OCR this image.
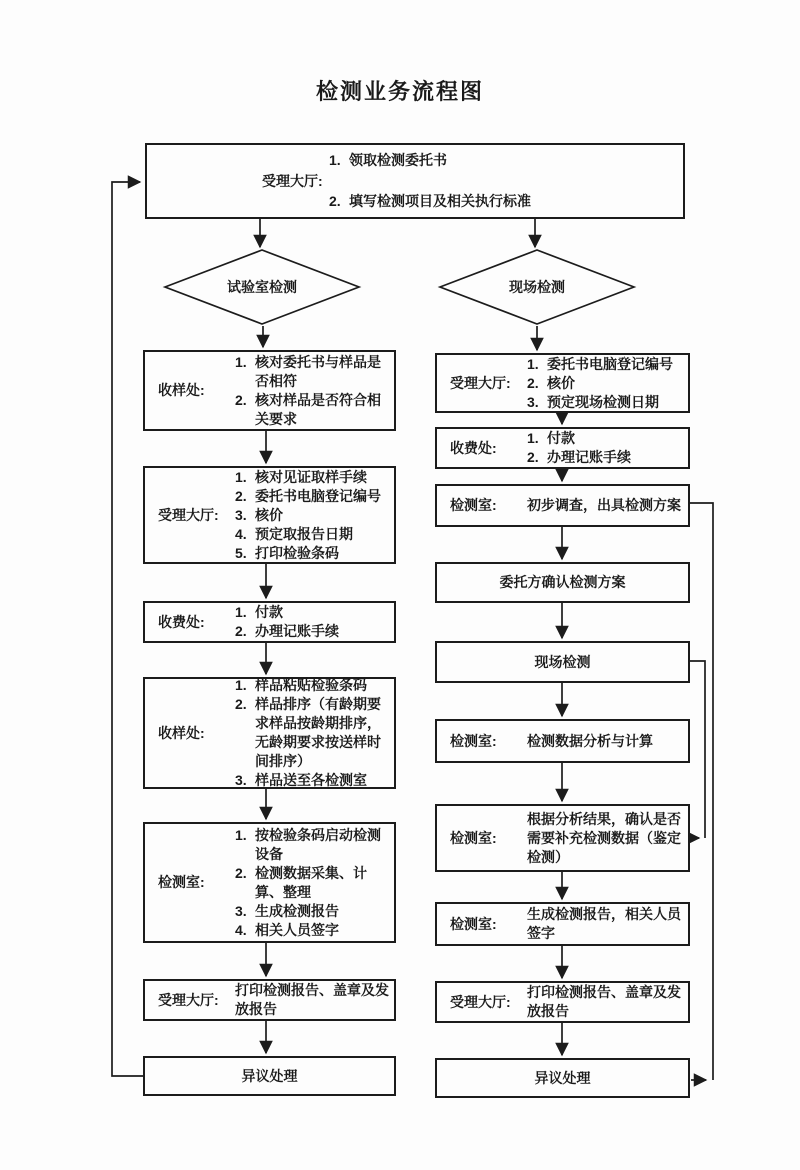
检测业务流程图
试验室检测	现场检测
受理大厅:
1. 领取检测委托书
2. 填写检测项目及相关执行标准
收样处:
1. 核对委托书与样品是否相符
2. 核对样品是否符合相关要求
受理大厅:
1. 核对见证取样手续
2. 委托书电脑登记编号
3. 核价
4. 预定取报告日期
5. 打印检验条码
收费处:
1. 付款
2. 办理记账手续
收样处:
1. 样品粘贴检验条码
2. 样品排序（有龄期要求样品按龄期排序，无龄期要求按送样时间排序）
3. 样品送至各检测室
检测室:
1. 按检验条码启动检测设备
2. 检测数据采集、计算、整理
3. 生成检测报告
4. 相关人员签字
受理大厅:
打印检测报告、盖章及发放报告
异议处理
受理大厅:
1. 委托书电脑登记编号
2. 核价
3. 预定现场检测日期
收费处:
1. 付款
2. 办理记账手续
检测室:	初步调查，出具检测方案
委托方确认检测方案
现场检测
检测室:	检测数据分析与计算
检测室:
根据分析结果，确认是否需要补充检测数据（鉴定检测）
检测室:
生成检测报告，相关人员签字
受理大厅:
打印检测报告、盖章及发放报告
异议处理
